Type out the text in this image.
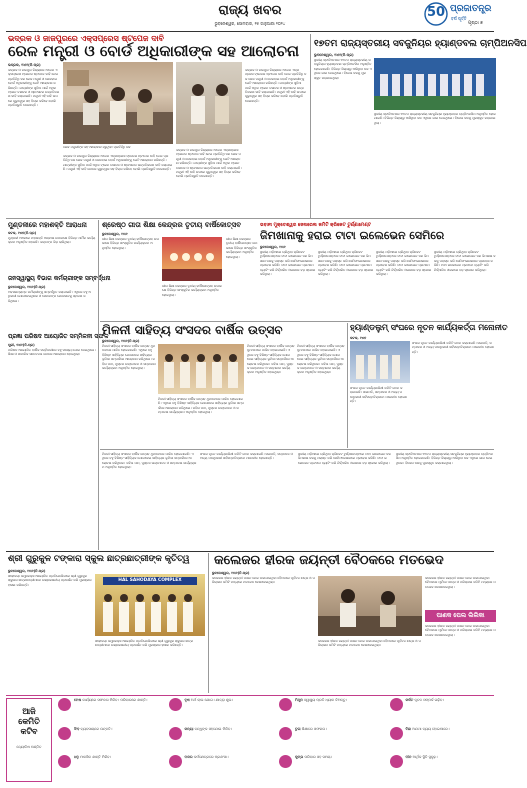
50 ପ୍ରଜାତନ୍ତ୍ର
ବର୍ଷ ପୂର୍ତ୍ତି
ରାଜ୍ୟ ଖବର
ଭୁବନେଶ୍ୱର, ସୋମବାର, ୧୫ ଜାନୁଆରୀ ୨୦୨୪	ପୃଷ୍ଠା ୭
ଭଦ୍ରକ ଓ ଜାଜପୁରରେ ଏକ୍ସପ୍ରେସ ଷ୍ଟପେଜ ଦାବି
ରେଳ ମନ୍ତ୍ରୀ ଓ ବୋର୍ଡ ଅଧିକାରୀଙ୍କ ସହ ଆଲୋଚନା
ଭଦ୍ରକ, ୧୪ା୧(ନି.ପ୍ର)
ଭଦ୍ରକ ଓ ଜାଜପୁର ଜିଲ୍ଲାରେ ଅନେକ ଏକ୍ସପ୍ରେସ ଟ୍ରେନର ଷ୍ଟପେଜ ଦାବି ନେଇ ପ୍ରତିନିଧି ଦଳ ରେଳ ମନ୍ତ୍ରୀ ଓ ରେଳବାଇ ବୋର୍ଡ ଅଧିକାରୀଙ୍କୁ ଭେଟି ଆଲୋଚନା କରିଛନ୍ତି। ଯାତ୍ରୀଙ୍କ ସୁବିଧା ପାଇଁ ଅଧିକ ଟ୍ରେନ ଚଳାଚଳ ଓ ଷ୍ଟେସନର ଉନ୍ନତିକରଣ ଦାବି କରାଯାଇଛି। ମନ୍ତ୍ରୀ ଏହି ଦାବି ଉପରେ ଗୁରୁତ୍ୱର ସହ ବିଚାର କରିବେ ବୋଲି ପ୍ରତିଶ୍ରୁତି ଦେଇଛନ୍ତି।
ରେଳ ମନ୍ତ୍ରୀଙ୍କ ସହ ଆଲୋଚନା କରୁଥିବା ପ୍ରତିନିଧି ଦଳ
ଭଦ୍ରକ ଓ ଜାଜପୁର ଜିଲ୍ଲାରେ ଅନେକ ଏକ୍ସପ୍ରେସ ଟ୍ରେନର ଷ୍ଟପେଜ ଦାବି ନେଇ ପ୍ରତିନିଧି ଦଳ ରେଳ ମନ୍ତ୍ରୀ ଓ ରେଳବାଇ ବୋର୍ଡ ଅଧିକାରୀଙ୍କୁ ଭେଟି ଆଲୋଚନା କରିଛନ୍ତି। ଯାତ୍ରୀଙ୍କ ସୁବିଧା ପାଇଁ ଅଧିକ ଟ୍ରେନ ଚଳାଚଳ ଓ ଷ୍ଟେସନର ଉନ୍ନତିକରଣ ଦାବି କରାଯାଇଛି। ମନ୍ତ୍ରୀ ଏହି ଦାବି ଉପରେ ଗୁରୁତ୍ୱର ସହ ବିଚାର କରିବେ ବୋଲି ପ୍ରତିଶ୍ରୁତି ଦେଇଛନ୍ତି।
ଭଦ୍ରକ ଓ ଜାଜପୁର ଜିଲ୍ଲାରେ ଅନେକ ଏକ୍ସପ୍ରେସ ଟ୍ରେନର ଷ୍ଟପେଜ ଦାବି ନେଇ ପ୍ରତିନିଧି ଦଳ ରେଳ ମନ୍ତ୍ରୀ ଓ ରେଳବାଇ ବୋର୍ଡ ଅଧିକାରୀଙ୍କୁ ଭେଟି ଆଲୋଚନା କରିଛନ୍ତି। ଯାତ୍ରୀଙ୍କ ସୁବିଧା ପାଇଁ ଅଧିକ ଟ୍ରେନ ଚଳାଚଳ ଓ ଷ୍ଟେସନର ଉନ୍ନତିକରଣ ଦାବି କରାଯାଇଛି। ମନ୍ତ୍ରୀ ଏହି ଦାବି ଉପରେ ଗୁରୁତ୍ୱର ସହ ବିଚାର କରିବେ ବୋଲି ପ୍ରତିଶ୍ରୁତି ଦେଇଛନ୍ତି।
ଭଦ୍ରକ ଓ ଜାଜପୁର ଜିଲ୍ଲାରେ ଅନେକ ଏକ୍ସପ୍ରେସ ଟ୍ରେନର ଷ୍ଟପେଜ ଦାବି ନେଇ ପ୍ରତିନିଧି ଦଳ ରେଳ ମନ୍ତ୍ରୀ ଓ ରେଳବାଇ ବୋର୍ଡ ଅଧିକାରୀଙ୍କୁ ଭେଟି ଆଲୋଚନା କରିଛନ୍ତି। ଯାତ୍ରୀଙ୍କ ସୁବିଧା ପାଇଁ ଅଧିକ ଟ୍ରେନ ଚଳାଚଳ ଓ ଷ୍ଟେସନର ଉନ୍ନତିକରଣ ଦାବି କରାଯାଇଛି। ମନ୍ତ୍ରୀ ଏହି ଦାବି ଉପରେ ଗୁରୁତ୍ୱର ସହ ବିଚାର କରିବେ ବୋଲି ପ୍ରତିଶ୍ରୁତି ଦେଇଛନ୍ତି।
୧୭ତମ ରାଜ୍ୟସ୍ତରୀୟ ସବଜୁନିୟର ହ୍ୟାଣ୍ଡବଲ ଚାମ୍ପିଅନସିପ
ଭୁବନେଶ୍ୱର, ୧୪ା୧(ନି.ପ୍ର)
ସ୍ଥାନୀୟ ସ୍ଟାଡିଅମରେ ୧୭ତମ ରାଜ୍ୟସ୍ତରୀୟ ସବଜୁନିୟର ହ୍ୟାଣ୍ଡବଲ ଚାମ୍ପିଅନସିପ ଅନୁଷ୍ଠିତ ହୋଇଯାଇଛି। ବିଭିନ୍ନ ଜିଲ୍ଲାରୁ ଆସିଥିବା ଦଳ ଏଥିରେ ଭାଗ ନେଇଥିଲେ। ବିଜେତା ଦଳକୁ ପୁରସ୍କୃତ କରାଯାଇଥିଲା।
ସ୍ଥାନୀୟ ସ୍ଟାଡିଅମରେ ୧୭ତମ ରାଜ୍ୟସ୍ତରୀୟ ସବଜୁନିୟର ହ୍ୟାଣ୍ଡବଲ ଚାମ୍ପିଅନସିପ ଅନୁଷ୍ଠିତ ହୋଇଯାଇଛି। ବିଭିନ୍ନ ଜିଲ୍ଲାରୁ ଆସିଥିବା ଦଳ ଏଥିରେ ଭାଗ ନେଇଥିଲେ। ବିଜେତା ଦଳକୁ ପୁରସ୍କୃତ କରାଯାଇଥିଲା।
ମୁଣ୍ଡଳୀରେ ମହାଶକ୍ତି ଆରାଧନା
କଟକ, ୧୪ା୧(ନି.ପ୍ର)
ମୁଣ୍ଡଳୀ ଅଞ୍ଚଳରେ ମହାଶକ୍ତି ଆରାଧନା ଉପଲକ୍ଷେ ବିଭିନ୍ନ ଧାର୍ମିକ କାର୍ଯ୍ୟକ୍ରମ ଅନୁଷ୍ଠିତ ହୋଇଛି। ଭକ୍ତଙ୍କ ଭିଡ଼ ଲାଗିଥିଲା।
ଜନସ୍ୱାସ୍ଥ୍ୟ ବିଭାଗ କର୍ମଚାରୀଙ୍କ ସମ୍ବର୍ଦ୍ଧନା
ଭୁବନେଶ୍ୱର, ୧୪ା୧(ନି.ପ୍ର)
ଅବସରପ୍ରାପ୍ତ କର୍ମଚାରୀଙ୍କୁ ସମ୍ବର୍ଦ୍ଧିତ କରାଯାଇଛି। ଏଥିରେ ବହୁ ଅଧିକାରୀ ଯୋଗଦେଇଥିଲେ ଓ ସେମାନଙ୍କ ଯୋଗଦାନକୁ ସ୍ମରଣ କରିଥିଲେ।
ପ୍ରଜ୍ଞା ପରିଷଦ ଆୟୋଜିତ ସମ୍ମିଳନୀ ସଫଳ
ପୁରୀ, ୧୪ା୧(ନି.ପ୍ର)
ପରିଷଦ ଆୟୋଜିତ ବାର୍ଷିକ ସମ୍ମିଳନୀରେ ବହୁ ସଦସ୍ୟ ଯୋଗ ଦେଇଥିଲେ। ଶିକ୍ଷା ଓ ସାମାଜିକ ସଚେତନତା ଉପରେ ଆଲୋଚନା ହୋଇଥିଲା।
ଶ୍ରେଷ୍ଠ ଗୀତା ଶିକ୍ଷା କେନ୍ଦ୍ରର ତୃତୀୟ ବାର୍ଷିକୋତ୍ସବ
ଭୁବନେଶ୍ୱର, ୧୪ା୧
ଗୀତା ଶିକ୍ଷା କେନ୍ଦ୍ରର ତୃତୀୟ ବାର୍ଷିକୋତ୍ସବ ଉପଲକ୍ଷେ ବିଭିନ୍ନ ସାଂସ୍କୃତିକ କାର୍ଯ୍ୟକ୍ରମ ଅନୁଷ୍ଠିତ ହୋଇଥିଲା।
ଗୀତା ଶିକ୍ଷା କେନ୍ଦ୍ରର ତୃତୀୟ ବାର୍ଷିକୋତ୍ସବ ଉପଲକ୍ଷେ ବିଭିନ୍ନ ସାଂସ୍କୃତିକ କାର୍ଯ୍ୟକ୍ରମ ଅନୁଷ୍ଠିତ ହୋଇଥିଲା।
ଗୀତା ଶିକ୍ଷା କେନ୍ଦ୍ରର ତୃତୀୟ ବାର୍ଷିକୋତ୍ସବ ଉପଲକ୍ଷେ ବିଭିନ୍ନ ସାଂସ୍କୃତିକ କାର୍ଯ୍ୟକ୍ରମ ଅନୁଷ୍ଠିତ ହୋଇଥିଲା।
ଭବାନୀ ମୁକ୍ତେଶ୍ୱର ଜେନାରେଲ କମିଟି କ୍ରିକେଟ ଟୁର୍ଣ୍ଣାମେଣ୍ଟ
ଜିମଖାନାକୁ ହରାଇ ଟାଟା ଇଲେଭେନ ସେମିରେ
ଭୁବନେଶ୍ୱର, ୧୪ା୧
ସ୍ଥାନୀୟ ପଡ଼ିଆରେ ଚାଲିଥିବା କ୍ରିକେଟ ଟୁର୍ଣ୍ଣାମେଣ୍ଟରେ ଟାଟା ଇଲେଭେନ ଦଳ ଜିମଖାନା ଦଳକୁ ପରାସ୍ତ କରି ସେମିଫାଇନାଲରେ ପ୍ରବେଶ କରିଛି। ଟାଟା ଇଲେଭେନ ପ୍ରଥମେ ବ୍ୟାଟିଂ କରି ନିର୍ଦ୍ଧାରିତ ଓଭରରେ ବଡ଼ ସ୍କୋର କରିଥିଲା।
ସ୍ଥାନୀୟ ପଡ଼ିଆରେ ଚାଲିଥିବା କ୍ରିକେଟ ଟୁର୍ଣ୍ଣାମେଣ୍ଟରେ ଟାଟା ଇଲେଭେନ ଦଳ ଜିମଖାନା ଦଳକୁ ପରାସ୍ତ କରି ସେମିଫାଇନାଲରେ ପ୍ରବେଶ କରିଛି। ଟାଟା ଇଲେଭେନ ପ୍ରଥମେ ବ୍ୟାଟିଂ କରି ନିର୍ଦ୍ଧାରିତ ଓଭରରେ ବଡ଼ ସ୍କୋର କରିଥିଲା।
ସ୍ଥାନୀୟ ପଡ଼ିଆରେ ଚାଲିଥିବା କ୍ରିକେଟ ଟୁର୍ଣ୍ଣାମେଣ୍ଟରେ ଟାଟା ଇଲେଭେନ ଦଳ ଜିମଖାନା ଦଳକୁ ପରାସ୍ତ କରି ସେମିଫାଇନାଲରେ ପ୍ରବେଶ କରିଛି। ଟାଟା ଇଲେଭେନ ପ୍ରଥମେ ବ୍ୟାଟିଂ କରି ନିର୍ଦ୍ଧାରିତ ଓଭରରେ ବଡ଼ ସ୍କୋର କରିଥିଲା।
ସ୍ଥାନୀୟ ପଡ଼ିଆରେ ଚାଲିଥିବା କ୍ରିକେଟ ଟୁର୍ଣ୍ଣାମେଣ୍ଟରେ ଟାଟା ଇଲେଭେନ ଦଳ ଜିମଖାନା ଦଳକୁ ପରାସ୍ତ କରି ସେମିଫାଇନାଲରେ ପ୍ରବେଶ କରିଛି। ଟାଟା ଇଲେଭେନ ପ୍ରଥମେ ବ୍ୟାଟିଂ କରି ନିର୍ଦ୍ଧାରିତ ଓଭରରେ ବଡ଼ ସ୍କୋର କରିଥିଲା।
ମିଳନୀ ସାହିତ୍ୟ ସଂସଦର ବାର୍ଷିକ ଉତ୍ସବ
ଭୁବନେଶ୍ୱର, ୧୪ା୧(ନି.ପ୍ର)
ମିଳନୀ ସାହିତ୍ୟ ସଂସଦର ବାର୍ଷିକ ଉତ୍ସବ ଧୁମଧାମରେ ପାଳିତ ହୋଇଯାଇଛି। ଏଥିରେ ବହୁ ବିଶିଷ୍ଟ ସାହିତ୍ୟିକ ଯୋଗଦେଇ ସାହିତ୍ୟର ଭୂମିକା ସମ୍ପର୍କରେ ଆଲୋଚନା କରିଥିଲେ। କବିତା ପାଠ, ପୁସ୍ତକ ଉନ୍ମୋଚନ ଓ ସମ୍ମାନନା କାର୍ଯ୍ୟକ୍ରମ ଅନୁଷ୍ଠିତ ହୋଇଥିଲା।
ମିଳନୀ ସାହିତ୍ୟ ସଂସଦର ବାର୍ଷିକ ଉତ୍ସବ ଧୁମଧାମରେ ପାଳିତ ହୋଇଯାଇଛି। ଏଥିରେ ବହୁ ବିଶିଷ୍ଟ ସାହିତ୍ୟିକ ଯୋଗଦେଇ ସାହିତ୍ୟର ଭୂମିକା ସମ୍ପର୍କରେ ଆଲୋଚନା କରିଥିଲେ। କବିତା ପାଠ, ପୁସ୍ତକ ଉନ୍ମୋଚନ ଓ ସମ୍ମାନନା କାର୍ଯ୍ୟକ୍ରମ ଅନୁଷ୍ଠିତ ହୋଇଥିଲା।
ମିଳନୀ ସାହିତ୍ୟ ସଂସଦର ବାର୍ଷିକ ଉତ୍ସବ ଧୁମଧାମରେ ପାଳିତ ହୋଇଯାଇଛି। ଏଥିରେ ବହୁ ବିଶିଷ୍ଟ ସାହିତ୍ୟିକ ଯୋଗଦେଇ ସାହିତ୍ୟର ଭୂମିକା ସମ୍ପର୍କରେ ଆଲୋଚନା କରିଥିଲେ। କବିତା ପାଠ, ପୁସ୍ତକ ଉନ୍ମୋଚନ ଓ ସମ୍ମାନନା କାର୍ଯ୍ୟକ୍ରମ ଅନୁଷ୍ଠିତ ହୋଇଥିଲା।
ମିଳନୀ ସାହିତ୍ୟ ସଂସଦର ବାର୍ଷିକ ଉତ୍ସବ ଧୁମଧାମରେ ପାଳିତ ହୋଇଯାଇଛି। ଏଥିରେ ବହୁ ବିଶିଷ୍ଟ ସାହିତ୍ୟିକ ଯୋଗଦେଇ ସାହିତ୍ୟର ଭୂମିକା ସମ୍ପର୍କରେ ଆଲୋଚନା କରିଥିଲେ। କବିତା ପାଠ, ପୁସ୍ତକ ଉନ୍ମୋଚନ ଓ ସମ୍ମାନନା କାର୍ଯ୍ୟକ୍ରମ ଅନୁଷ୍ଠିତ ହୋଇଥିଲା।
ହ୍ୟାଣ୍ଡଲୁମ୍ ସଂଘରେ ନୂତନ କାର୍ଯ୍ୟକର୍ତ୍ତା ମନୋନୀତ
କଟକ, ୧୪ା୧
ସଂଘର ନୂତନ କାର୍ଯ୍ୟକାରିଣୀ କମିଟି ଗଠନ କରାଯାଇଛି। ସଭାପତି, ସମ୍ପାଦକ ଓ ଅନ୍ୟ ପଦାଧିକାରୀ ସର୍ବସମ୍ମତିକ୍ରମେ ମନୋନୀତ ହୋଇଛନ୍ତି।
ସଂଘର ନୂତନ କାର୍ଯ୍ୟକାରିଣୀ କମିଟି ଗଠନ କରାଯାଇଛି। ସଭାପତି, ସମ୍ପାଦକ ଓ ଅନ୍ୟ ପଦାଧିକାରୀ ସର୍ବସମ୍ମତିକ୍ରମେ ମନୋନୀତ ହୋଇଛନ୍ତି।
ମିଳନୀ ସାହିତ୍ୟ ସଂସଦର ବାର୍ଷିକ ଉତ୍ସବ ଧୁମଧାମରେ ପାଳିତ ହୋଇଯାଇଛି। ଏଥିରେ ବହୁ ବିଶିଷ୍ଟ ସାହିତ୍ୟିକ ଯୋଗଦେଇ ସାହିତ୍ୟର ଭୂମିକା ସମ୍ପର୍କରେ ଆଲୋଚନା କରିଥିଲେ। କବିତା ପାଠ, ପୁସ୍ତକ ଉନ୍ମୋଚନ ଓ ସମ୍ମାନନା କାର୍ଯ୍ୟକ୍ରମ ଅନୁଷ୍ଠିତ ହୋଇଥିଲା।
ସଂଘର ନୂତନ କାର୍ଯ୍ୟକାରିଣୀ କମିଟି ଗଠନ କରାଯାଇଛି। ସଭାପତି, ସମ୍ପାଦକ ଓ ଅନ୍ୟ ପଦାଧିକାରୀ ସର୍ବସମ୍ମତିକ୍ରମେ ମନୋନୀତ ହୋଇଛନ୍ତି।
ସ୍ଥାନୀୟ ପଡ଼ିଆରେ ଚାଲିଥିବା କ୍ରିକେଟ ଟୁର୍ଣ୍ଣାମେଣ୍ଟରେ ଟାଟା ଇଲେଭେନ ଦଳ ଜିମଖାନା ଦଳକୁ ପରାସ୍ତ କରି ସେମିଫାଇନାଲରେ ପ୍ରବେଶ କରିଛି। ଟାଟା ଇଲେଭେନ ପ୍ରଥମେ ବ୍ୟାଟିଂ କରି ନିର୍ଦ୍ଧାରିତ ଓଭରରେ ବଡ଼ ସ୍କୋର କରିଥିଲା।
ସ୍ଥାନୀୟ ସ୍ଟାଡିଅମରେ ୧୭ତମ ରାଜ୍ୟସ୍ତରୀୟ ସବଜୁନିୟର ହ୍ୟାଣ୍ଡବଲ ଚାମ୍ପିଅନସିପ ଅନୁଷ୍ଠିତ ହୋଇଯାଇଛି। ବିଭିନ୍ନ ଜିଲ୍ଲାରୁ ଆସିଥିବା ଦଳ ଏଥିରେ ଭାଗ ନେଇଥିଲେ। ବିଜେତା ଦଳକୁ ପୁରସ୍କୃତ କରାଯାଇଥିଲା।
ଶ୍ରୀ ଗୁରୁକୁଳ ଟଙ୍କାରା ସ୍କୁଲ ଛାତ୍ରଛାତ୍ରୀଙ୍କ କୃତିତ୍ୱ	କଲେଜର ହୀରକ ଜୟନ୍ତୀ ବୈଠକରେ ମତଭେଦ
ଭୁବନେଶ୍ୱର, ୧୪ା୧(ନି.ପ୍ର)
ସହୋଦୟା କମ୍ପ୍ଲେକ୍ସ ଆୟୋଜିତ ପ୍ରତିଯୋଗିତାରେ ଶ୍ରୀ ଗୁରୁକୁଳ ସ୍କୁଲର ଛାତ୍ରଛାତ୍ରୀମାନେ ଉଲ୍ଲେଖନୀୟ ପ୍ରଦର୍ଶନ କରି ପୁରସ୍କାର ହାସଲ କରିଛନ୍ତି।
HAL SAHODAYA COMPLEX
ସହୋଦୟା କମ୍ପ୍ଲେକ୍ସ ଆୟୋଜିତ ପ୍ରତିଯୋଗିତାରେ ଶ୍ରୀ ଗୁରୁକୁଳ ସ୍କୁଲର ଛାତ୍ରଛାତ୍ରୀମାନେ ଉଲ୍ଲେଖନୀୟ ପ୍ରଦର୍ଶନ କରି ପୁରସ୍କାର ହାସଲ କରିଛନ୍ତି।
ଭୁବନେଶ୍ୱର, ୧୪ା୧(ନି.ପ୍ର)
କଲେଜର ହୀରକ ଜୟନ୍ତୀ ପାଳନ ନେଇ ଡକାଯାଇଥିବା ବୈଠକରେ ପୂର୍ବତନ ଛାତ୍ର ଓ ପରିଚାଳନା କମିଟି ମଧ୍ୟରେ ମତଭେଦ ଦେଖାଦେଇଥିଲା।
କଲେଜର ହୀରକ ଜୟନ୍ତୀ ପାଳନ ନେଇ ଡକାଯାଇଥିବା ବୈଠକରେ ପୂର୍ବତନ ଛାତ୍ର ଓ ପରିଚାଳନା କମିଟି ମଧ୍ୟରେ ମତଭେଦ ଦେଖାଦେଇଥିଲା।
ପାଣକ ପେଲ ଲିଲିକା
କଲେଜର ହୀରକ ଜୟନ୍ତୀ ପାଳନ ନେଇ ଡକାଯାଇଥିବା ବୈଠକରେ ପୂର୍ବତନ ଛାତ୍ର ଓ ପରିଚାଳନା କମିଟି ମଧ୍ୟରେ ମତଭେଦ ଦେଖାଦେଇଥିଲା।
କଲେଜର ହୀରକ ଜୟନ୍ତୀ ପାଳନ ନେଇ ଡକାଯାଇଥିବା ବୈଠକରେ ପୂର୍ବତନ ଛାତ୍ର ଓ ପରିଚାଳନା କମିଟି ମଧ୍ୟରେ ମତଭେଦ ଦେଖାଦେଇଥିଲା।
ଆଜି
କେମିତି
କଟିବ
ଜ୍ୟୋତିଷ ପଣ୍ଡିତ
ମେଷ କାର୍ଯ୍ୟରେ ସଫଳତା ମିଳିବ। ପରିବାରରେ ଶାନ୍ତି।	ବୃଷ ଅର୍ଥ ଲାଭ ଯୋଗ। ଯାତ୍ରା ଶୁଭ।	ମିଥୁନ ସ୍ୱାସ୍ଥ୍ୟ ପ୍ରତି ଧ୍ୟାନ ଦିଅନ୍ତୁ।	କର୍କଟ ନୂତନ ସମ୍ପର୍କ ଗଢ଼ିବ।
ସିଂହ ବ୍ୟବସାୟରେ ଉନ୍ନତି।	କନ୍ୟା ବନ୍ଧୁଙ୍କ ସହଯୋଗ ମିଳିବ।	ତୁଳା ଶିକ୍ଷାରେ ସଫଳତା।	ବିଛା ଅଯଥା ବ୍ୟୟ ହୋଇପାରେ।
ଧନୁ ମାନସିକ ଶାନ୍ତି ମିଳିବ।	ମକର କର୍ମକ୍ଷେତ୍ରରେ ପ୍ରଶଂସା।	କୁମ୍ଭ ପରିବାର ସହ ସମୟ।	ମୀନ ଆର୍ଥିକ ସ୍ଥିତି ସୁଦୃଢ଼।
